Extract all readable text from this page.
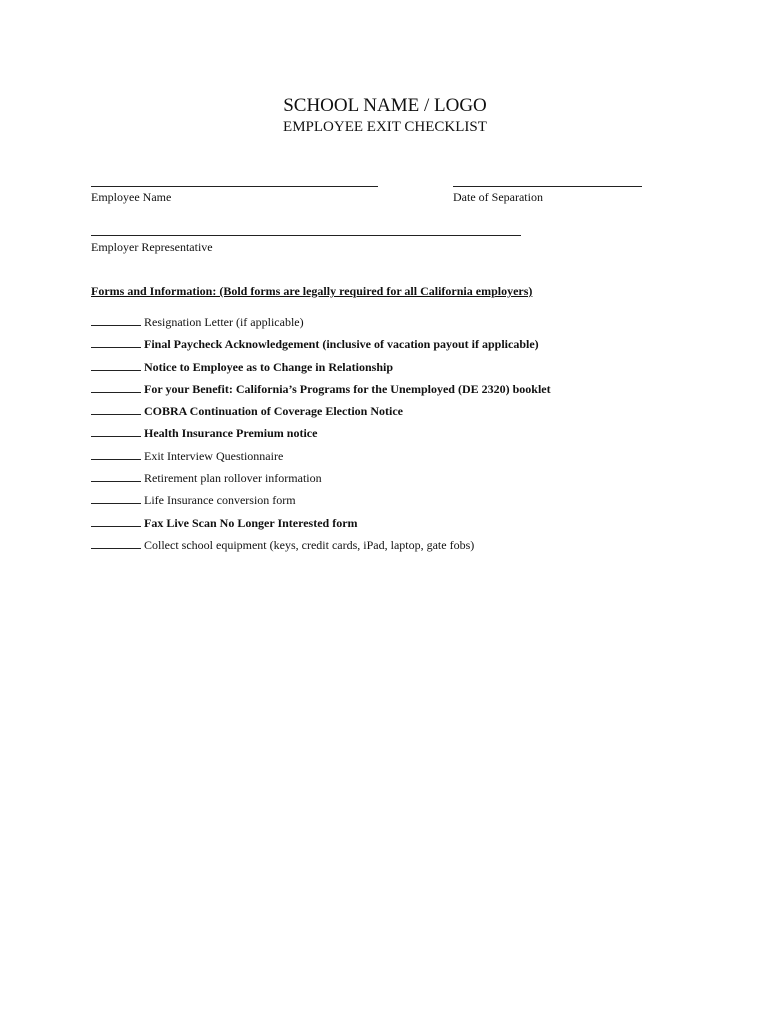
SCHOOL NAME / LOGO
EMPLOYEE EXIT CHECKLIST
Employee Name	Date of Separation
Employer Representative
Forms and Information: (Bold forms are legally required for all California employers)
Resignation Letter (if applicable)
Final Paycheck Acknowledgement (inclusive of vacation payout if applicable)
Notice to Employee as to Change in Relationship
For your Benefit: California’s Programs for the Unemployed (DE 2320) booklet
COBRA Continuation of Coverage Election Notice
Health Insurance Premium notice
Exit Interview Questionnaire
Retirement plan rollover information
Life Insurance conversion form
Fax Live Scan No Longer Interested form
Collect school equipment (keys, credit cards, iPad, laptop, gate fobs)
